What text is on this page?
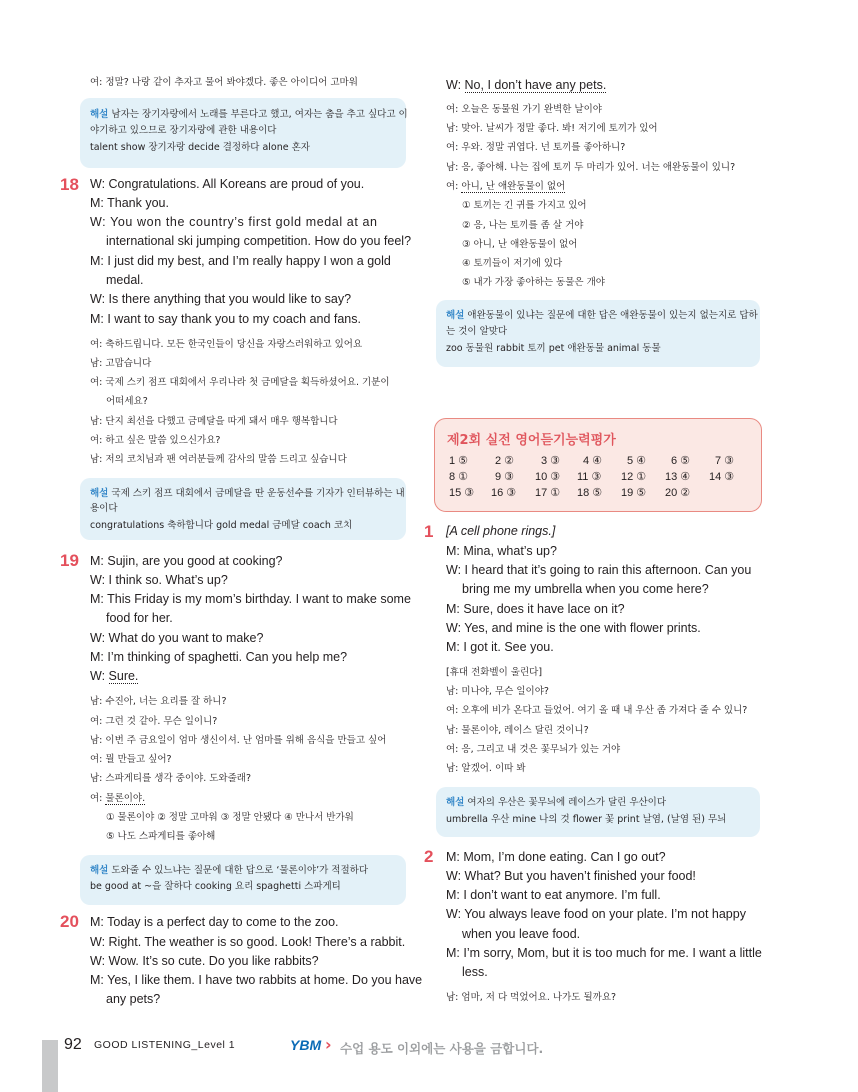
여: 정말? 나랑 같이 추자고 물어 봐야겠다. 좋은 아이디어 고마워
해설 남자는 장기자랑에서 노래를 부른다고 했고, 여자는 춤을 추고 싶다고 이
야기하고 있으므로 장기자랑에 관한 내용이다
talent show 장기자랑 decide 결정하다 alone 혼자
18 W: Congratulations. All Koreans are proud of you.
M: Thank you.
W: You won the country’s first gold medal at an
international ski jumping competition. How do you feel?
M: I just did my best, and I’m really happy I won a gold
medal.
W: Is there anything that you would like to say?
M: I want to say thank you to my coach and fans.
여: 축하드립니다. 모든 한국인들이 당신을 자랑스러워하고 있어요
남: 고맙습니다
여: 국제 스키 점프 대회에서 우리나라 첫 금메달을 획득하셨어요. 기분이
어떠세요?
남: 단지 최선을 다했고 금메달을 따게 돼서 매우 행복합니다
여: 하고 싶은 말씀 있으신가요?
남: 저의 코치님과 팬 여러분들께 감사의 말씀 드리고 싶습니다
해설 국제 스키 점프 대회에서 금메달을 딴 운동선수를 기자가 인터뷰하는 내
용이다
congratulations 축하합니다 gold medal 금메달 coach 코치
19 M: Sujin, are you good at cooking?
W: I think so. What’s up?
M: This Friday is my mom’s birthday. I want to make some
food for her.
W: What do you want to make?
M: I’m thinking of spaghetti. Can you help me?
W: Sure.
남: 수진아, 너는 요리를 잘 하니?
여: 그런 것 같아. 무슨 일이니?
남: 이번 주 금요일이 엄마 생신이셔. 난 엄마를 위해 음식을 만들고 싶어
여: 뭘 만들고 싶어?
남: 스파게티를 생각 중이야. 도와줄래?
여: 물론이야.
① 물론이야 ② 정말 고마워 ③ 정말 안됐다 ④ 만나서 반가워
⑤ 나도 스파게티를 좋아해
해설 도와줄 수 있느냐는 질문에 대한 답으로 ‘물론이야’가 적절하다
be good at ~을 잘하다 cooking 요리 spaghetti 스파게티
20 M: Today is a perfect day to come to the zoo.
W: Right. The weather is so good. Look! There’s a rabbit.
W: Wow. It’s so cute. Do you like rabbits?
M: Yes, I like them. I have two rabbits at home. Do you have
any pets?
W: No, I don’t have any pets.
여: 오늘은 동물원 가기 완벽한 날이야
남: 맞아. 날씨가 정말 좋다. 봐! 저기에 토끼가 있어
여: 우와. 정말 귀엽다. 넌 토끼를 좋아하니?
남: 응, 좋아해. 나는 집에 토끼 두 마리가 있어. 너는 애완동물이 있니?
여: 아니, 난 애완동물이 없어
① 토끼는 긴 귀를 가지고 있어
② 응, 나는 토끼를 좀 살 거야
③ 아니, 난 애완동물이 없어
④ 토끼들이 저기에 있다
⑤ 내가 가장 좋아하는 동물은 개야
해설 애완동물이 있냐는 질문에 대한 답은 애완동물이 있는지 없는지로 답하
는 것이 알맞다
zoo 동물원 rabbit 토끼 pet 애완동물 animal 동물
제2회 실전 영어듣기능력평가
1 ⑤ 2 ② 3 ③ 4 ④ 5 ④ 6 ⑤ 7 ③
8 ① 9 ③ 10 ③ 11 ③ 12 ① 13 ④ 14 ③
15 ③ 16 ③ 17 ① 18 ⑤ 19 ⑤ 20 ②
1 [A cell phone rings.]
M: Mina, what’s up?
W: I heard that it’s going to rain this afternoon. Can you
bring me my umbrella when you come here?
M: Sure, does it have lace on it?
W: Yes, and mine is the one with flower prints.
M: I got it. See you.
[휴대 전화벨이 울린다]
남: 미나야, 무슨 일이야?
여: 오후에 비가 온다고 들었어. 여기 올 때 내 우산 좀 가져다 줄 수 있니?
남: 물론이야, 레이스 달린 것이니?
여: 응, 그리고 내 것은 꽃무늬가 있는 거야
남: 알겠어. 이따 봐
해설 여자의 우산은 꽃무늬에 레이스가 달린 우산이다
umbrella 우산 mine 나의 것 flower 꽃 print 날염, (날염 된) 무늬
2 M: Mom, I’m done eating. Can I go out?
W: What? But you haven’t finished your food!
M: I don’t want to eat anymore. I’m full.
W: You always leave food on your plate. I’m not happy
when you leave food.
M: I’m sorry, Mom, but it is too much for me. I want a little
less.
남: 엄마, 저 다 먹었어요. 나가도 될까요?
92 GOOD LISTENING_Level 1	YBM › 수업 용도 이외에는 사용을 금합니다.
